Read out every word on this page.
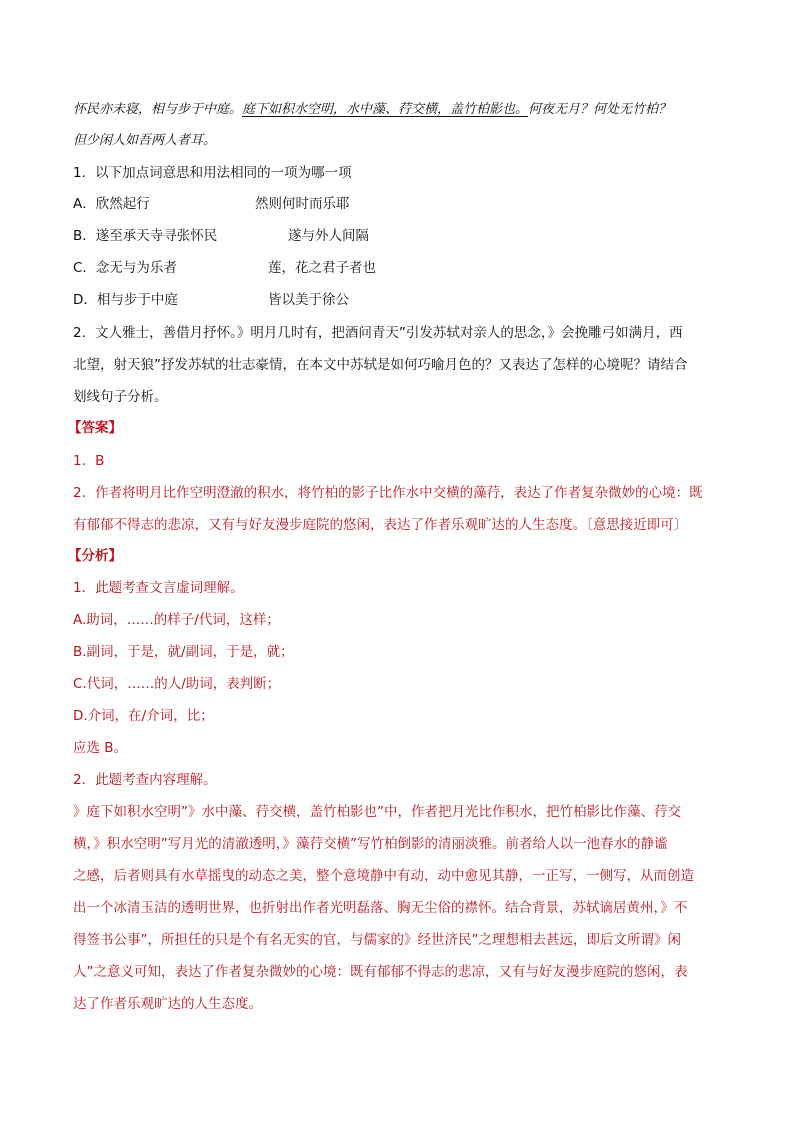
怀民亦未寝，相与步于中庭。庭下如积水空明，水中藻、荇交横，盖竹柏影也。何夜无月？何处无竹柏？
但少闲人如吾两人者耳。
1．以下加点词意思和用法相同的一项为哪一项
A．欣然起行	然则何时而乐耶
B．遂至承天寺寻张怀民	遂与外人间隔
C．念无与为乐者	莲，花之君子者也
D．相与步于中庭	皆以美于徐公
2．文人雅士，善借月抒怀。》明月几时有，把酒问青天”引发苏轼对亲人的思念，》会挽雕弓如满月，西
北望，射天狼”抒发苏轼的壮志豪情，在本文中苏轼是如何巧喻月色的？又表达了怎样的心境呢？请结合
划线句子分析。
【答案】
1．B
2．作者将明月比作空明澄澈的积水，将竹柏的影子比作水中交横的藻荇，表达了作者复杂微妙的心境：既
有郁郁不得志的悲凉，又有与好友漫步庭院的悠闲，表达了作者乐观旷达的人生态度。〔意思接近即可〕
【分析】
1．此题考查文言虚词理解。
A.助词，……的样子/代词，这样；
B.副词，于是，就/副词，于是，就；
C.代词，……的人/助词，表判断；
D.介词，在/介词，比；
应选 B。
2．此题考查内容理解。
》庭下如积水空明”》水中藻、荇交横，盖竹柏影也”中，作者把月光比作积水，把竹柏影比作藻、荇交
横，》积水空明”写月光的清澈透明，》藻荇交横”写竹柏倒影的清丽淡雅。前者给人以一池春水的静谧
之感，后者则具有水草摇曳的动态之美，整个意境静中有动，动中愈见其静，一正写，一侧写，从而创造
出一个冰清玉洁的透明世界，也折射出作者光明磊落、胸无尘俗的襟怀。结合背景，苏轼谪居黄州，》不
得签书公事”，所担任的只是个有名无实的官，与儒家的》经世济民”之理想相去甚远，即后文所谓》闲
人”之意义可知，表达了作者复杂微妙的心境：既有郁郁不得志的悲凉，又有与好友漫步庭院的悠闲，表
达了作者乐观旷达的人生态度。
